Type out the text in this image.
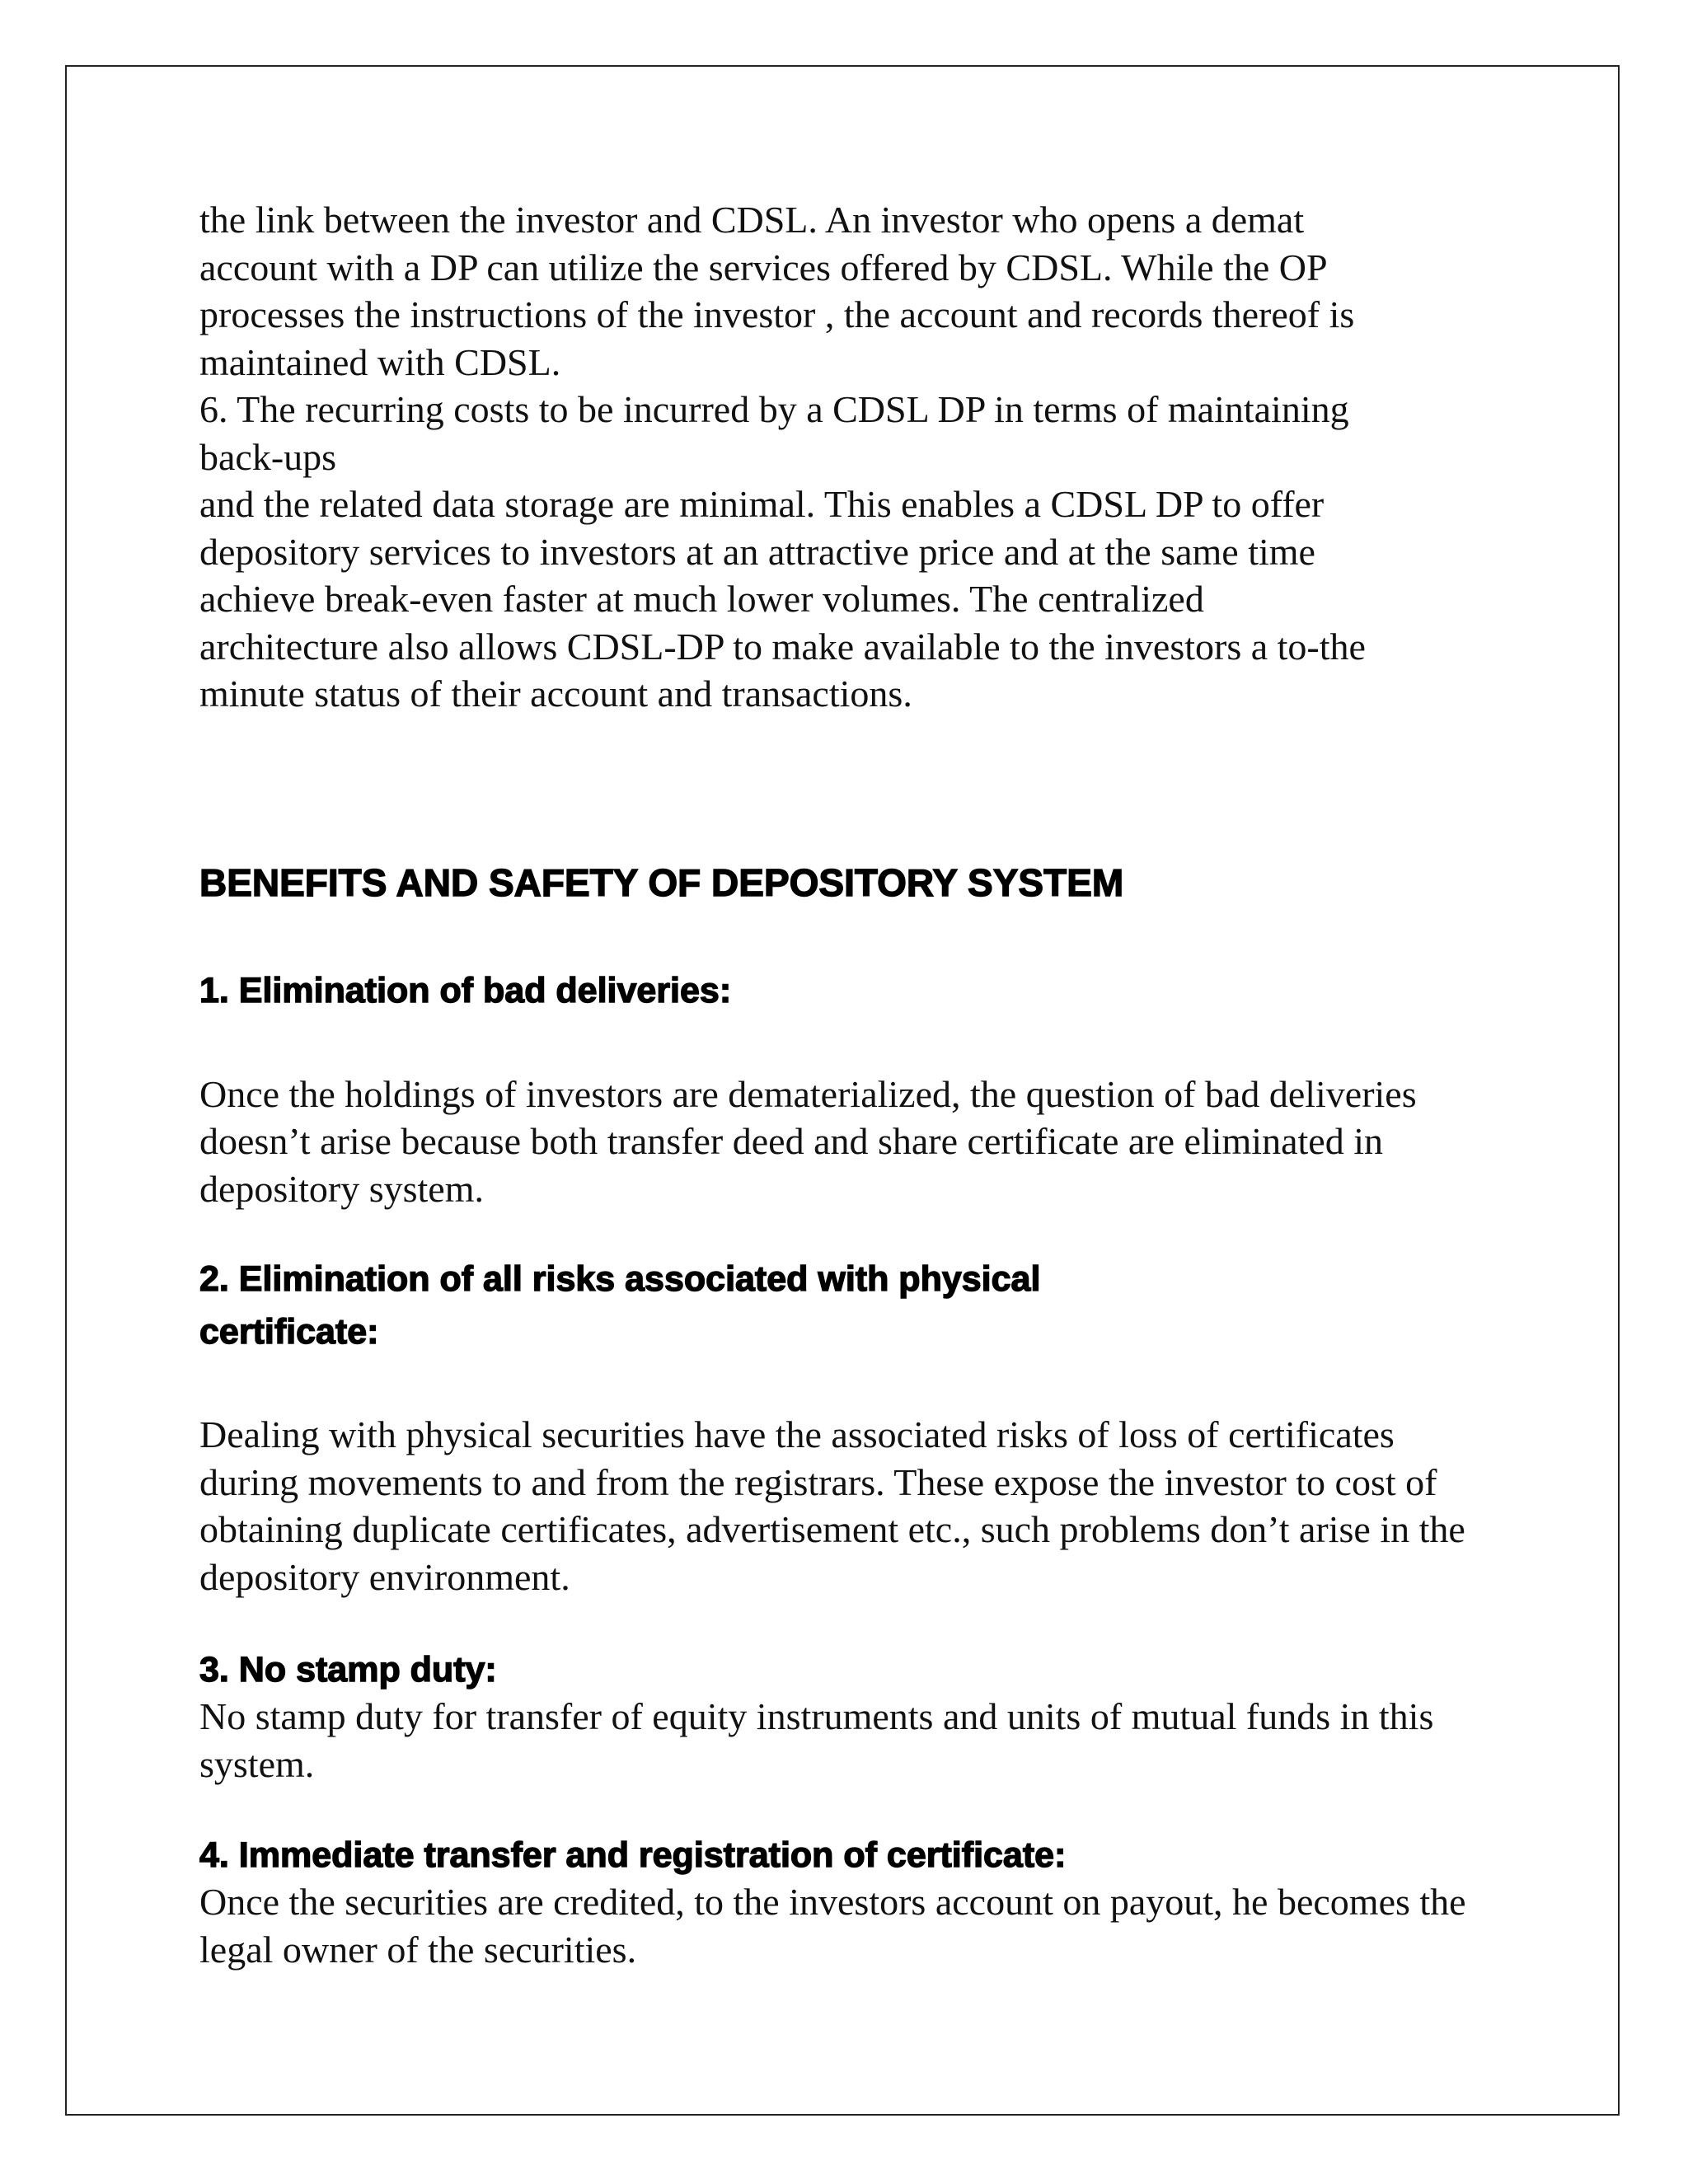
the link between the investor and CDSL. An investor who opens a demat
account with a DP can utilize the services offered by CDSL. While the OP
processes the instructions of the investor , the account and records thereof is
maintained with CDSL.
6. The recurring costs to be incurred by a CDSL DP in terms of maintaining
back-ups
and the related data storage are minimal. This enables a CDSL DP to offer
depository services to investors at an attractive price and at the same time
achieve break-even faster at much lower volumes. The centralized
architecture also allows CDSL-DP to make available to the investors a to-the
minute status of their account and transactions.

BENEFITS AND SAFETY OF DEPOSITORY SYSTEM
1. Elimination of bad deliveries:

Once the holdings of investors are dematerialized, the question of bad deliveries
doesn’t arise because both transfer deed and share certificate are eliminated in
depository system.

2. Elimination of all risks associated with physical
certificate:

Dealing with physical securities have the associated risks of loss of certificates
during movements to and from the registrars. These expose the investor to cost of
obtaining duplicate certificates, advertisement etc., such problems don’t arise in the
depository environment.

3. No stamp duty:

No stamp duty for transfer of equity instruments and units of mutual funds in this
system.

4. Immediate transfer and registration of certificate:

Once the securities are credited, to the investors account on payout, he becomes the
legal owner of the securities.
